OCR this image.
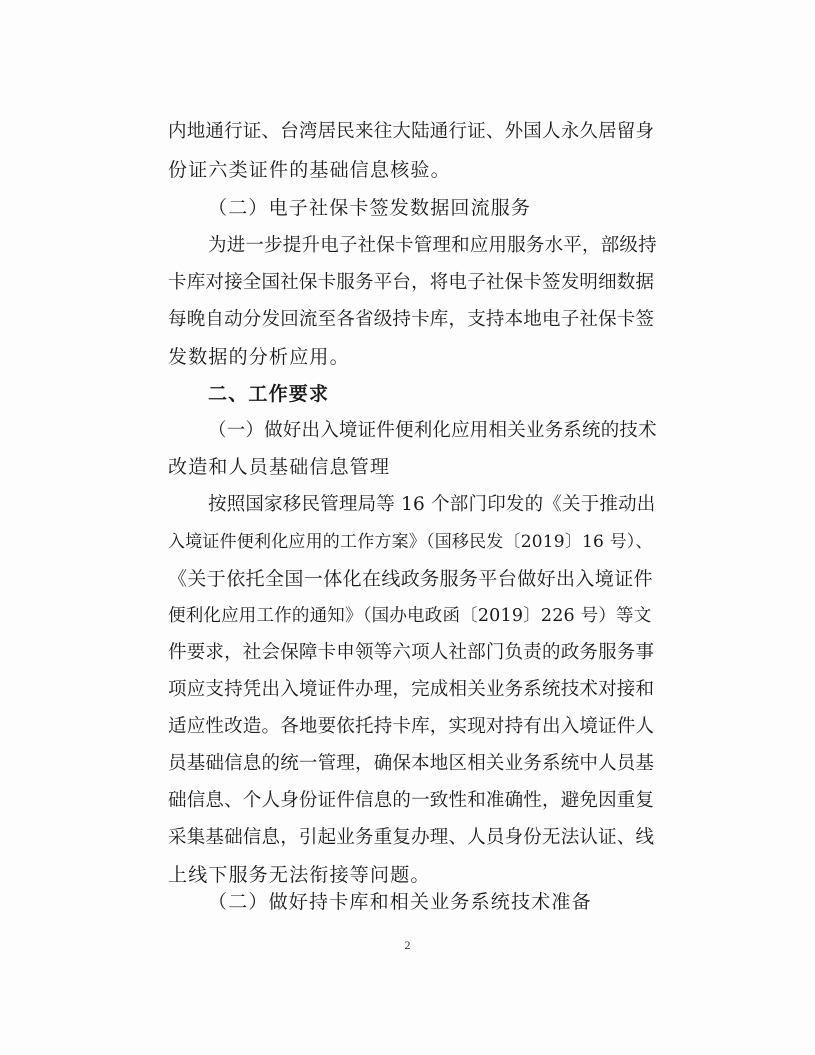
内地通行证、台湾居民来往大陆通行证、外国人永久居留身
份证六类证件的基础信息核验。
（二）电子社保卡签发数据回流服务
为进一步提升电子社保卡管理和应用服务水平，部级持
卡库对接全国社保卡服务平台，将电子社保卡签发明细数据
每晚自动分发回流至各省级持卡库，支持本地电子社保卡签
发数据的分析应用。
二、工作要求
（一）做好出入境证件便利化应用相关业务系统的技术
改造和人员基础信息管理
按照国家移民管理局等 16 个部门印发的《关于推动出
入境证件便利化应用的工作方案》（国移民发〔2019〕16 号）、
《关于依托全国一体化在线政务服务平台做好出入境证件
便利化应用工作的通知》（国办电政函〔2019〕226 号）等文
件要求，社会保障卡申领等六项人社部门负责的政务服务事
项应支持凭出入境证件办理，完成相关业务系统技术对接和
适应性改造。各地要依托持卡库，实现对持有出入境证件人
员基础信息的统一管理，确保本地区相关业务系统中人员基
础信息、个人身份证件信息的一致性和准确性，避免因重复
采集基础信息，引起业务重复办理、人员身份无法认证、线
上线下服务无法衔接等问题。
（二）做好持卡库和相关业务系统技术准备
2
